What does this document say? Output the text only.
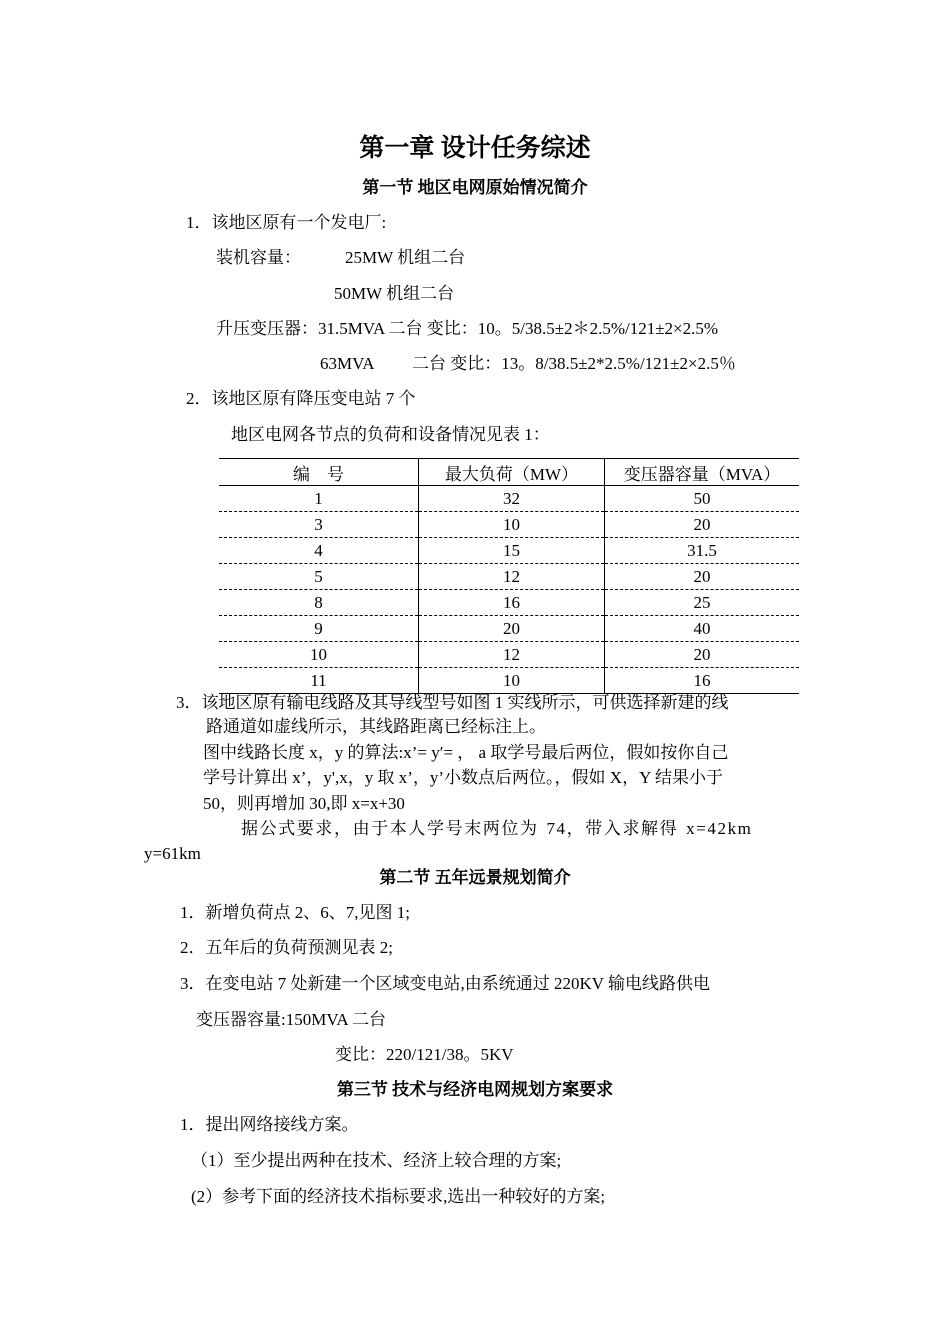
第一章 设计任务综述
第一节 地区电网原始情况简介
1．该地区原有一个发电厂:
装机容量：	25MW 机组二台
50MW 机组二台
升压变压器：31.5MVA 二台 变比：10。5/38.5±2＊2.5%/121±2×2.5%
63MVA 二台 变比：13。8/38.5±2*2.5%/121±2×2.5％
2．该地区原有降压变电站 7 个
地区电网各节点的负荷和设备情况见表 1：
编　号	最大负荷（MW）	变压器容量（MVA）
1	32	50
3	10	20
4	15	31.5
5	12	20
8	16	25
9	20	40
10	12	20
11	10	16
3．该地区原有输电线路及其导线型号如图 1 实线所示，可供选择新建的线
路通道如虚线所示，其线路距离已经标注上。
图中线路长度 x，y 的算法:x’= y′= ， a 取学号最后两位，假如按你自己
学号计算出 x’，y',x，y 取 x’，y’小数点后两位。，假如 X，Y 结果小于
50，则再增加 30,即 x=x+30
据公式要求，由于本人学号末两位为 74，带入求解得 x=42km
y=61km
第二节 五年远景规划简介
1．新增负荷点 2、6、7,见图 1;
2．五年后的负荷预测见表 2;
3．在变电站 7 处新建一个区域变电站,由系统通过 220KV 输电线路供电
变压器容量:150MVA 二台
变比：220/121/38。5KV
第三节 技术与经济电网规划方案要求
1．提出网络接线方案。
（1）至少提出两种在技术、经济上较合理的方案;
(2）参考下面的经济技术指标要求,选出一种较好的方案;
